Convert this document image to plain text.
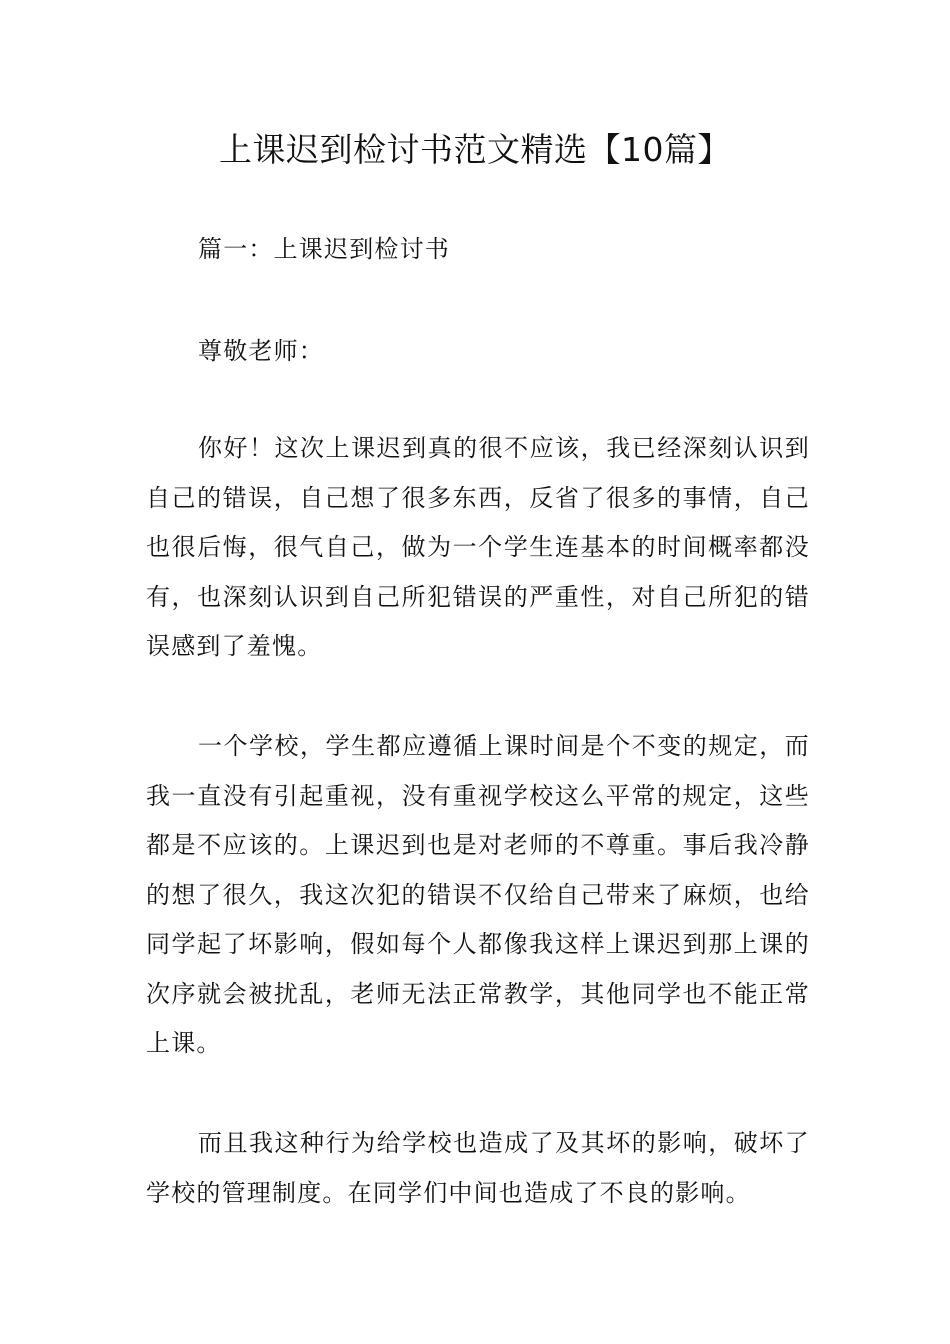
上课迟到检讨书范文精选【10篇】

篇一：上课迟到检讨书

尊敬老师：

你好！这次上课迟到真的很不应该，我已经深刻认识到自己的错误，自己想了很多东西，反省了很多的事情，自己也很后悔，很气自己，做为一个学生连基本的时间概率都没有，也深刻认识到自己所犯错误的严重性，对自己所犯的错误感到了羞愧。

一个学校，学生都应遵循上课时间是个不变的规定，而我一直没有引起重视，没有重视学校这么平常的规定，这些都是不应该的。上课迟到也是对老师的不尊重。事后我冷静的想了很久，我这次犯的错误不仅给自己带来了麻烦，也给同学起了坏影响，假如每个人都像我这样上课迟到那上课的次序就会被扰乱，老师无法正常教学，其他同学也不能正常上课。

而且我这种行为给学校也造成了及其坏的影响，破坏了学校的管理制度。在同学们中间也造成了不良的影响。
